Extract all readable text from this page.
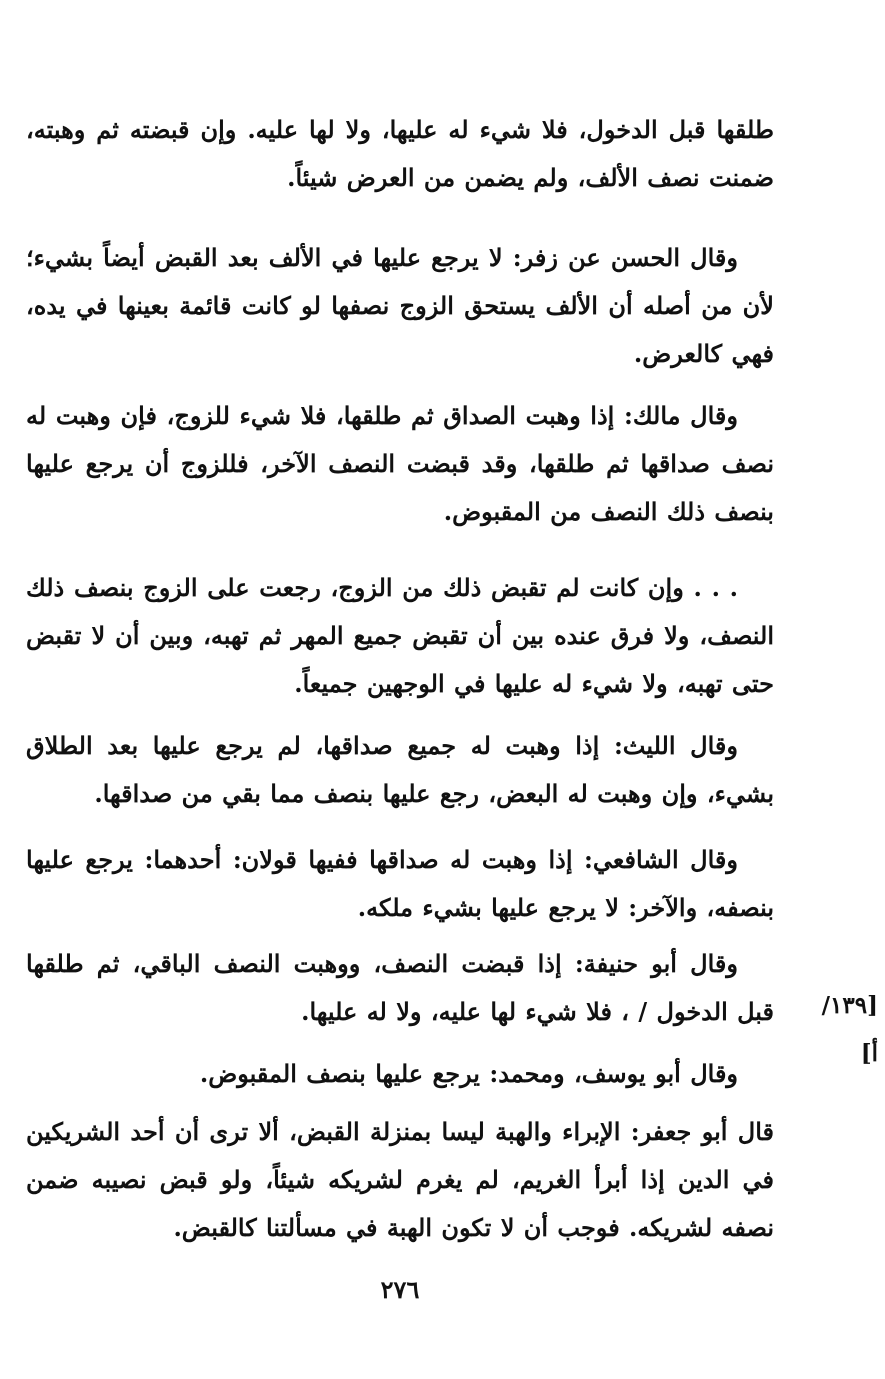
طلقها قبل الدخول، فلا شيء له عليها، ولا لها عليه. وإن قبضته ثم وهبته، ضمنت نصف الألف، ولم يضمن من العرض شيئاً.

وقال الحسن عن زفر: لا يرجع عليها في الألف بعد القبض أيضاً بشيء؛ لأن من أصله أن الألف يستحق الزوج نصفها لو كانت قائمة بعينها في يده، فهي كالعرض.

وقال مالك: إذا وهبت الصداق ثم طلقها، فلا شيء للزوج، فإن وهبت له نصف صداقها ثم طلقها، وقد قبضت النصف الآخر، فللزوج أن يرجع عليها بنصف ذلك النصف من المقبوض.

. . . وإن كانت لم تقبض ذلك من الزوج، رجعت على الزوج بنصف ذلك النصف، ولا فرق عنده بين أن تقبض جميع المهر ثم تهبه، وبين أن لا تقبض حتى تهبه، ولا شيء له عليها في الوجهين جميعاً.

وقال الليث: إذا وهبت له جميع صداقها، لم يرجع عليها بعد الطلاق بشيء، وإن وهبت له البعض، رجع عليها بنصف مما بقي من صداقها.

وقال الشافعي: إذا وهبت له صداقها ففيها قولان: أحدهما: يرجع عليها بنصفه، والآخر: لا يرجع عليها بشيء ملكه.

وقال أبو حنيفة: إذا قبضت النصف، ووهبت النصف الباقي، ثم طلقها قبل الدخول / ، فلا شيء لها عليه، ولا له عليها.	[١٣٩/أ]

وقال أبو يوسف، ومحمد: يرجع عليها بنصف المقبوض.

قال أبو جعفر: الإبراء والهبة ليسا بمنزلة القبض، ألا ترى أن أحد الشريكين في الدين إذا أبرأ الغريم، لم يغرم لشريكه شيئاً، ولو قبض نصيبه ضمن نصفه لشريكه. فوجب أن لا تكون الهبة في مسألتنا كالقبض.

٢٧٦
